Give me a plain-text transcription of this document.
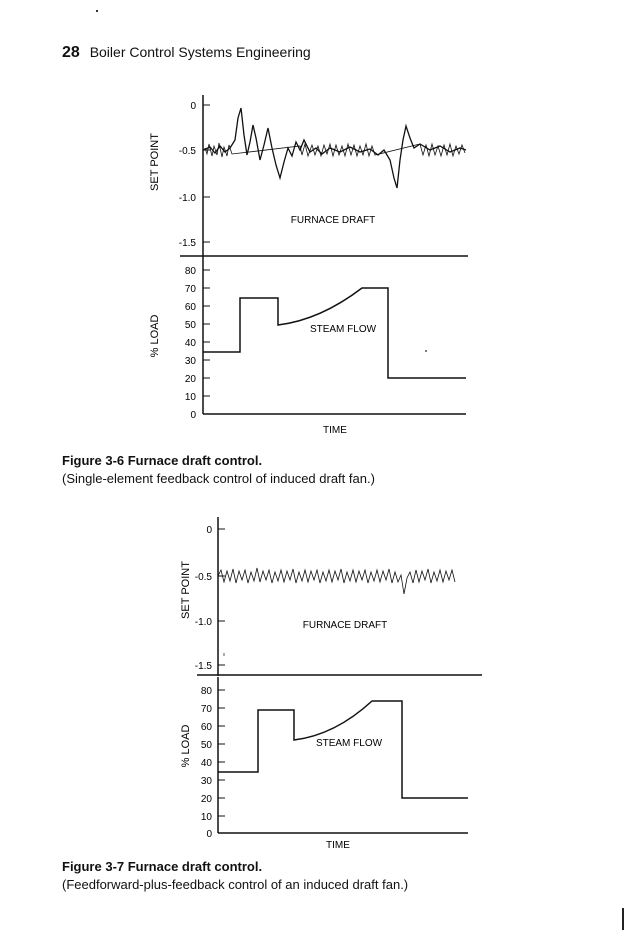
28 Boiler Control Systems Engineering
0
-0.5
-1.0
-1.5
SET POINT
FURNACE DRAFT
80
70
60
50
40
30
20
10
0
% LOAD	STEAM FLOW
TIME
Figure 3-6 Furnace draft control.
(Single-element feedback control of induced draft fan.)
0
-0.5
-1.0
-1.5
SET POINT
FURNACE DRAFT
80
70
60
50
40
30
20
10
0
% LOAD	STEAM FLOW
TIME
Figure 3-7 Furnace draft control.
(Feedforward-plus-feedback control of an induced draft fan.)
